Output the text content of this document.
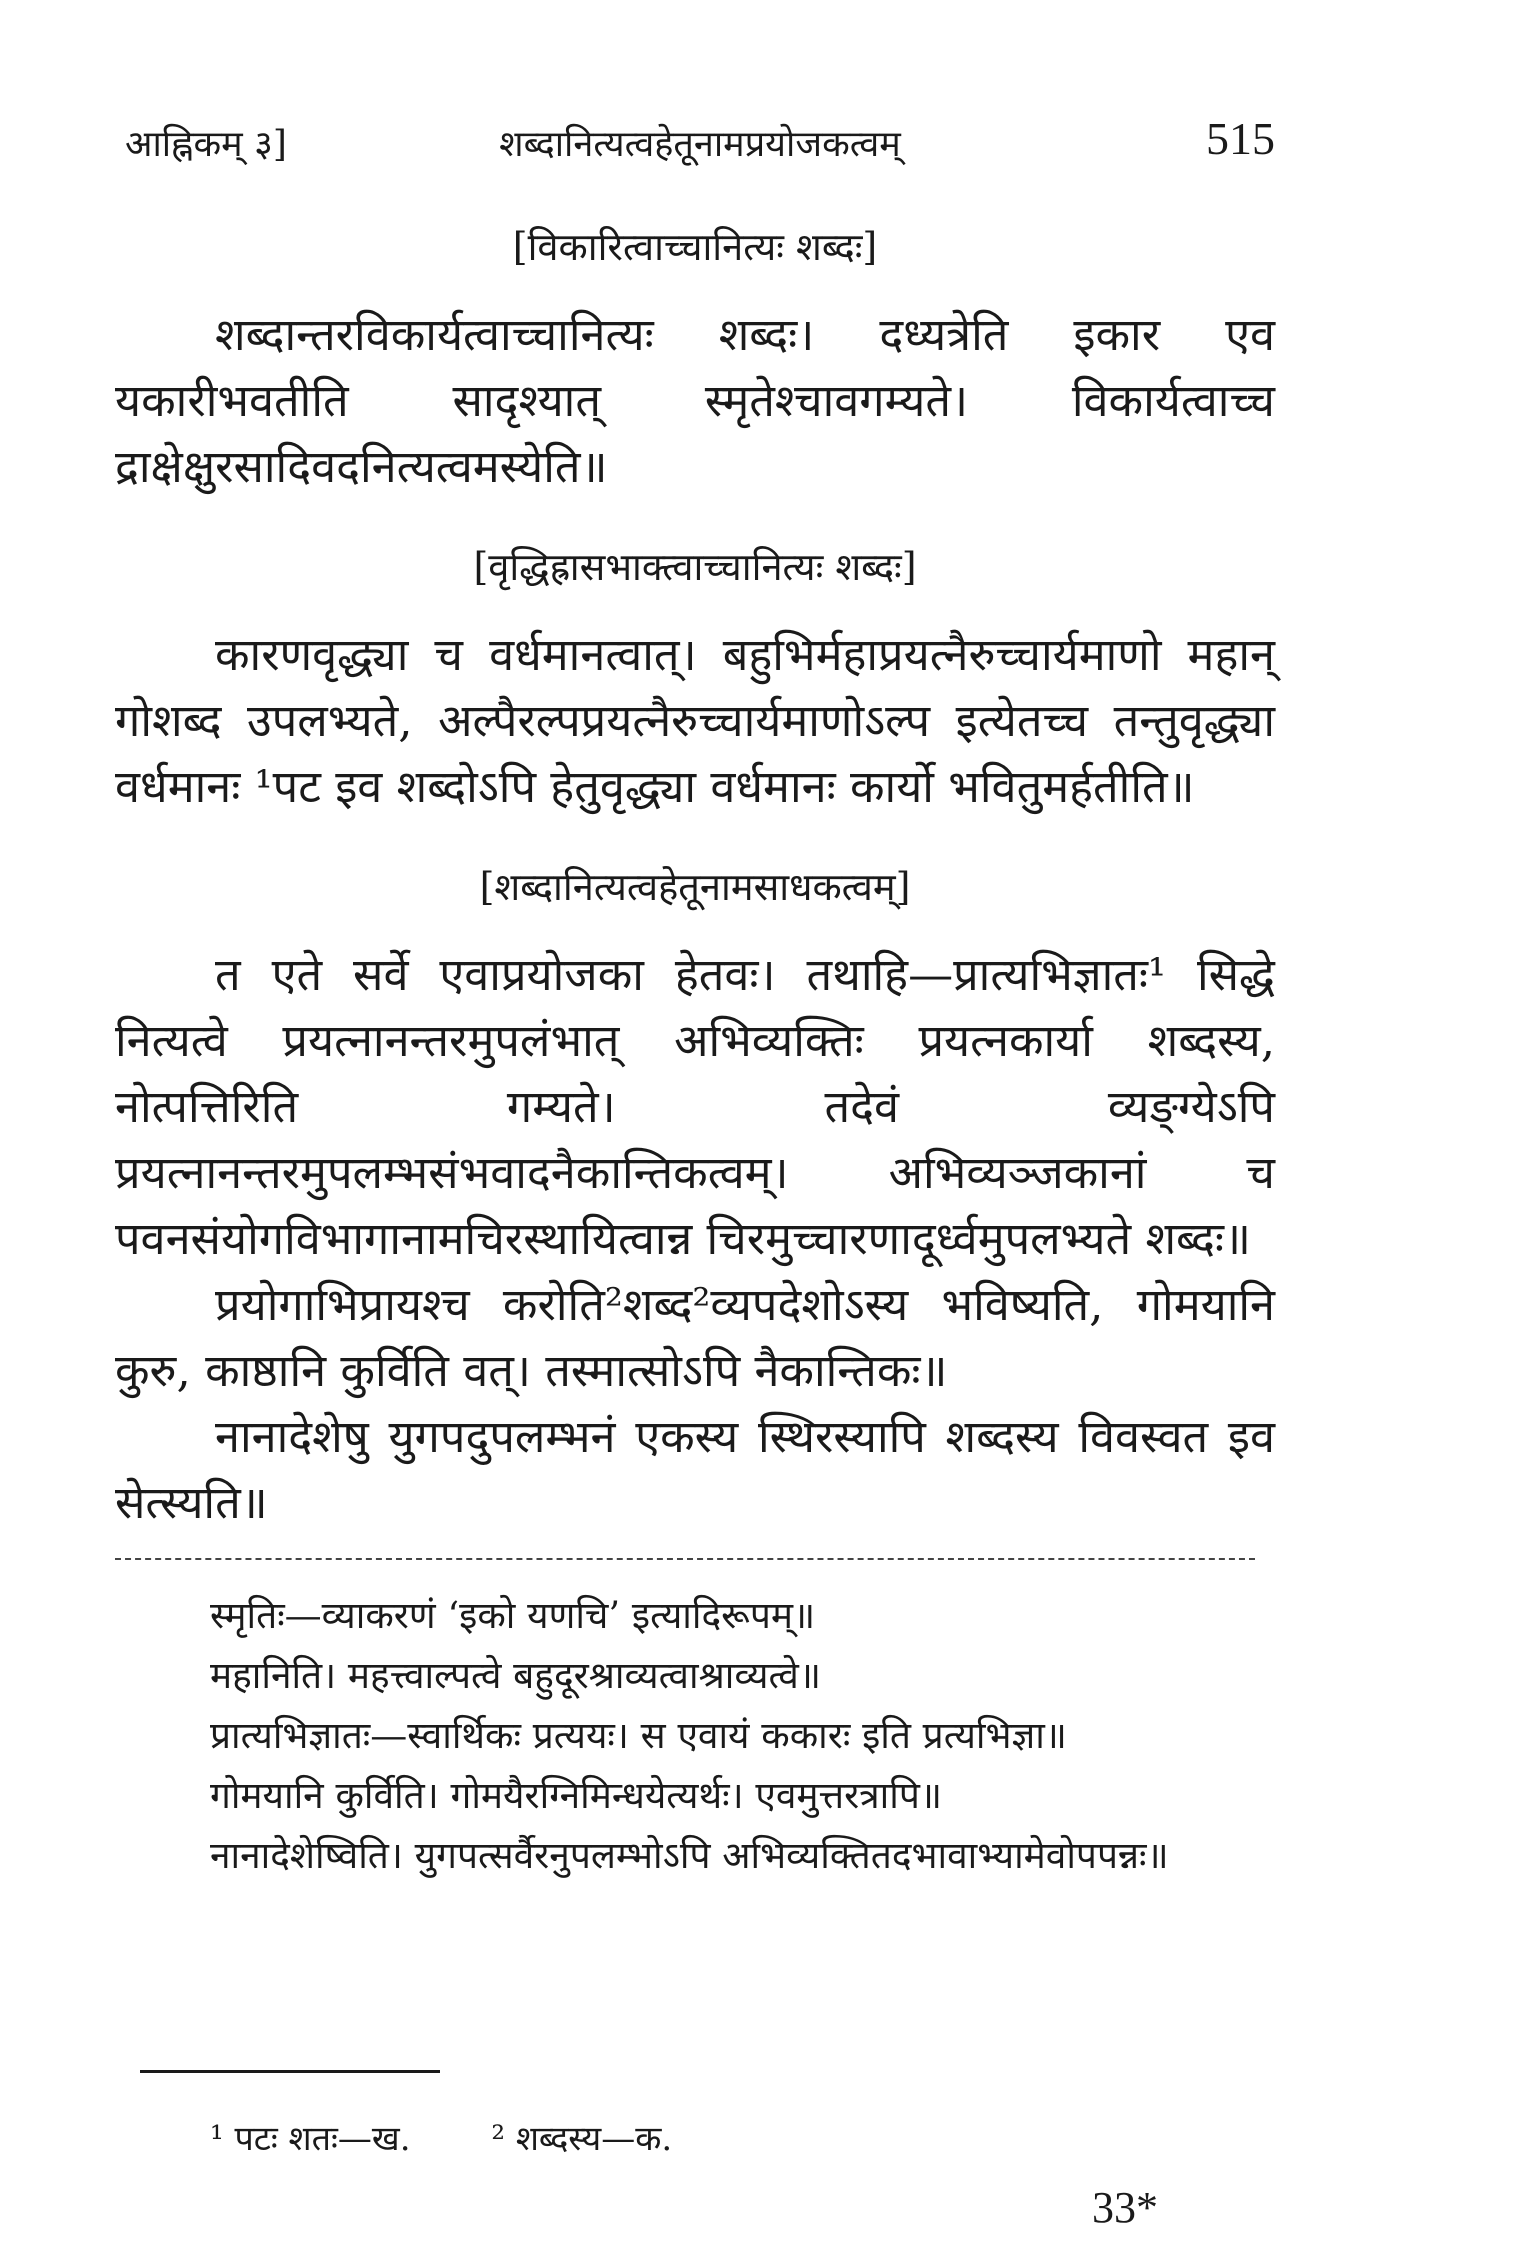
आह्निकम् ३]	शब्दानित्यत्वहेतूनामप्रयोजकत्वम्	515

[विकारित्वाच्चानित्यः शब्दः]

शब्दान्तरविकार्यत्वाच्चानित्यः शब्दः। दध्यत्रेति इकार एव यकारीभवतीति सादृश्यात् स्मृतेश्चावगम्यते। विकार्यत्वाच्च द्राक्षेक्षुरसादिवदनित्यत्वमस्येति॥

[वृद्धिह्रासभाक्त्वाच्चानित्यः शब्दः]

कारणवृद्ध्या च वर्धमानत्वात्। बहुभिर्महाप्रयत्नैरुच्चार्यमाणो महान् गोशब्द उपलभ्यते, अल्पैरल्पप्रयत्नैरुच्चार्यमाणोऽल्प इत्येतच्च तन्तुवृद्ध्या वर्धमानः ¹पट इव शब्दोऽपि हेतुवृद्ध्या वर्धमानः कार्यो भवितुमर्हतीति॥

[शब्दानित्यत्वहेतूनामसाधकत्वम्]

त एते सर्वे एवाप्रयोजका हेतवः। तथाहि—प्रात्यभिज्ञातः¹ सिद्धे नित्यत्वे प्रयत्नानन्तरमुपलंभात् अभिव्यक्तिः प्रयत्नकार्या शब्दस्य, नोत्पत्तिरिति गम्यते। तदेवं व्यङ्ग्येऽपि प्रयत्नानन्तरमुपलम्भसंभवादनैकान्तिकत्वम्। अभिव्यञ्जकानां च पवनसंयोगविभागानामचिरस्थायित्वान्न चिरमुच्चारणादूर्ध्वमुपलभ्यते शब्दः॥

प्रयोगाभिप्रायश्च करोति²शब्द²व्यपदेशोऽस्य भविष्यति, गोमयानि कुरु, काष्ठानि कुर्विति वत्। तस्मात्सोऽपि नैकान्तिकः॥

नानादेशेषु युगपदुपलम्भनं एकस्य स्थिरस्यापि शब्दस्य विवस्वत इव सेत्स्यति॥

स्मृतिः—व्याकरणं ‘इको यणचि’ इत्यादिरूपम्॥

महानिति। महत्त्वाल्पत्वे बहुदूरश्राव्यत्वाश्राव्यत्वे॥

प्रात्यभिज्ञातः—स्वार्थिकः प्रत्ययः। स एवायं ककारः इति प्रत्यभिज्ञा॥

गोमयानि कुर्विति। गोमयैरग्निमिन्धयेत्यर्थः। एवमुत्तरत्रापि॥

नानादेशेष्विति। युगपत्सर्वैरनुपलम्भोऽपि अभिव्यक्तितदभावाभ्यामेवोपपन्नः॥

¹ पटः शतः—ख. ² शब्दस्य—क.
33*
